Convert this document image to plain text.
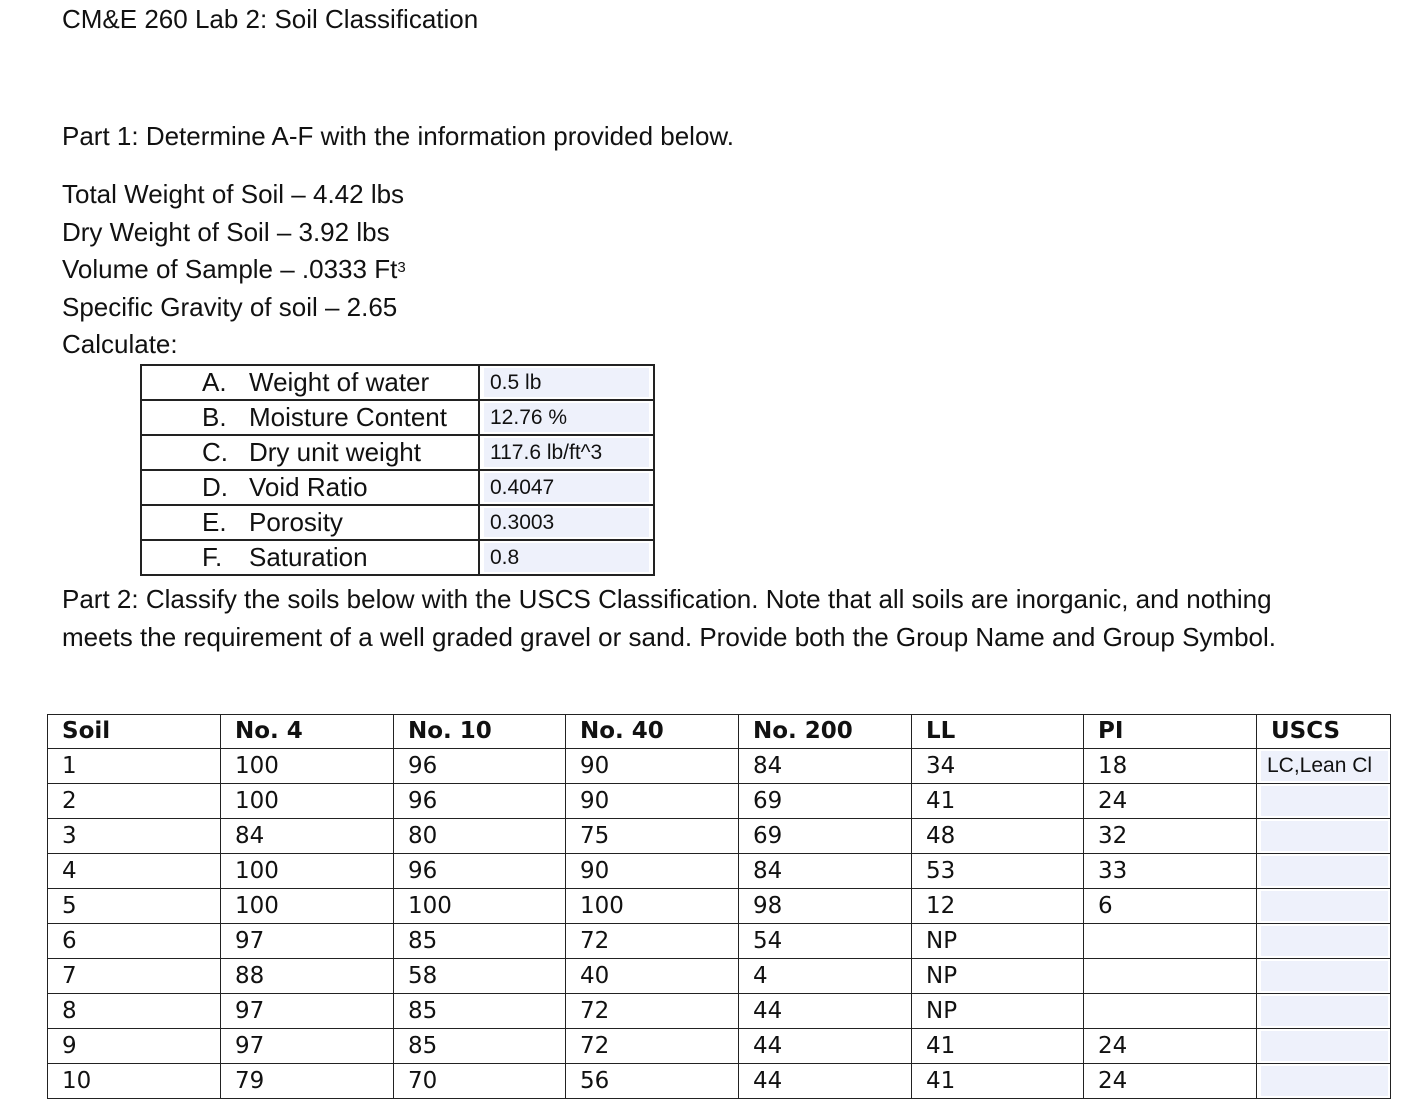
CM&E 260 Lab 2: Soil Classification
Part 1: Determine A-F with the information provided below.
Total Weight of Soil – 4.42 lbs
Dry Weight of Soil – 3.92 lbs
Volume of Sample – .0333 Ft$^3$
Specific Gravity of soil – 2.65
Calculate:
A. Weight of water	0.5 lb

B. Moisture Content	12.76 %

C. Dry unit weight	117.6 lb/ft^3

D. Void Ratio	0.4047

E. Porosity	0.3003

F. Saturation	0.8
Part 2: Classify the soils below with the USCS Classification. Note that all soils are inorganic, and nothing meets the requirement of a well graded gravel or sand. Provide both the Group Name and Group Symbol.
Soil	No. 4	No. 10	No. 40	No. 200	LL	PI	USCS
1	100	96	90	84	34	18	LC,Lean Cl

2	100	96	90	69	41	24	

3	84	80	75	69	48	32	

4	100	96	90	84	53	33	

5	100	100	100	98	12	6	

6	97	85	72	54	NP		

7	88	58	40	4	NP		

8	97	85	72	44	NP		

9	97	85	72	44	41	24	

10	79	70	56	44	41	24	
